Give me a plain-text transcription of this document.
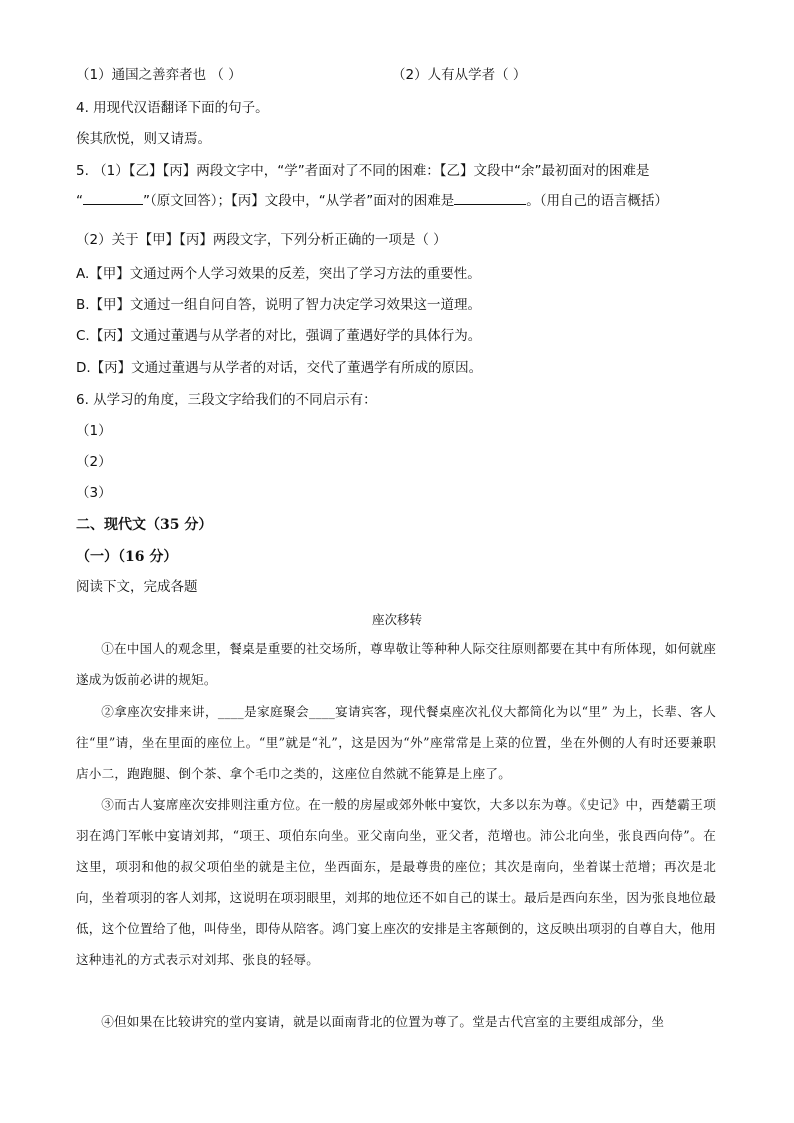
（1）通国之善弈者也 （ ）	（2）人有从学者（ ）
4. 用现代汉语翻译下面的句子。
俟其欣悦，则又请焉。
5. （1）【乙】【丙】两段文字中，“学”者面对了不同的困难：【乙】文段中“余”最初面对的困难是
“	”（原文回答）；【丙】文段中，“从学者”面对的困难是	。（用自己的语言概括）
（2）关于【甲】【丙】两段文字，下列分析正确的一项是（ ）
A.【甲】文通过两个人学习效果的反差，突出了学习方法的重要性。
B.【甲】文通过一组自问自答，说明了智力决定学习效果这一道理。
C.【丙】文通过董遇与从学者的对比，强调了董遇好学的具体行为。
D.【丙】文通过董遇与从学者的对话，交代了董遇学有所成的原因。
6. 从学习的角度，三段文字给我们的不同启示有：
（1）
（2）
（3）
二、现代文（35 分）
（一）（16 分）
阅读下文，完成各题
座次移转
①在中国人的观念里，餐桌是重要的社交场所，尊卑敬让等种种人际交往原则都要在其中有所体现，如何就座遂成为饭前必讲的规矩。
②拿座次安排来讲，____是家庭聚会____宴请宾客，现代餐桌座次礼仪大都简化为以“里” 为上，长辈、客人往“里”请，坐在里面的座位上。“里”就是“礼”，这是因为“外”座常常是上菜的位置，坐在外侧的人有时还要兼职店小二，跑跑腿、倒个茶、拿个毛巾之类的，这座位自然就不能算是上座了。
③而古人宴席座次安排则注重方位。在一般的房屋或郊外帐中宴饮，大多以东为尊。《史记》中，西楚霸王项羽在鸿门军帐中宴请刘邦，“项王、项伯东向坐。亚父南向坐，亚父者，范增也。沛公北向坐，张良西向侍”。在这里，项羽和他的叔父项伯坐的就是主位，坐西面东，是最尊贵的座位；其次是南向，坐着谋士范增；再次是北向，坐着项羽的客人刘邦，这说明在项羽眼里，刘邦的地位还不如自己的谋士。最后是西向东坐，因为张良地位最低，这个位置给了他，叫侍坐，即侍从陪客。鸿门宴上座次的安排是主客颠倒的，这反映出项羽的自尊自大，他用这种违礼的方式表示对刘邦、张良的轻辱。
④但如果在比较讲究的堂内宴请，就是以面南背北的位置为尊了。堂是古代宫室的主要组成部分，坐
